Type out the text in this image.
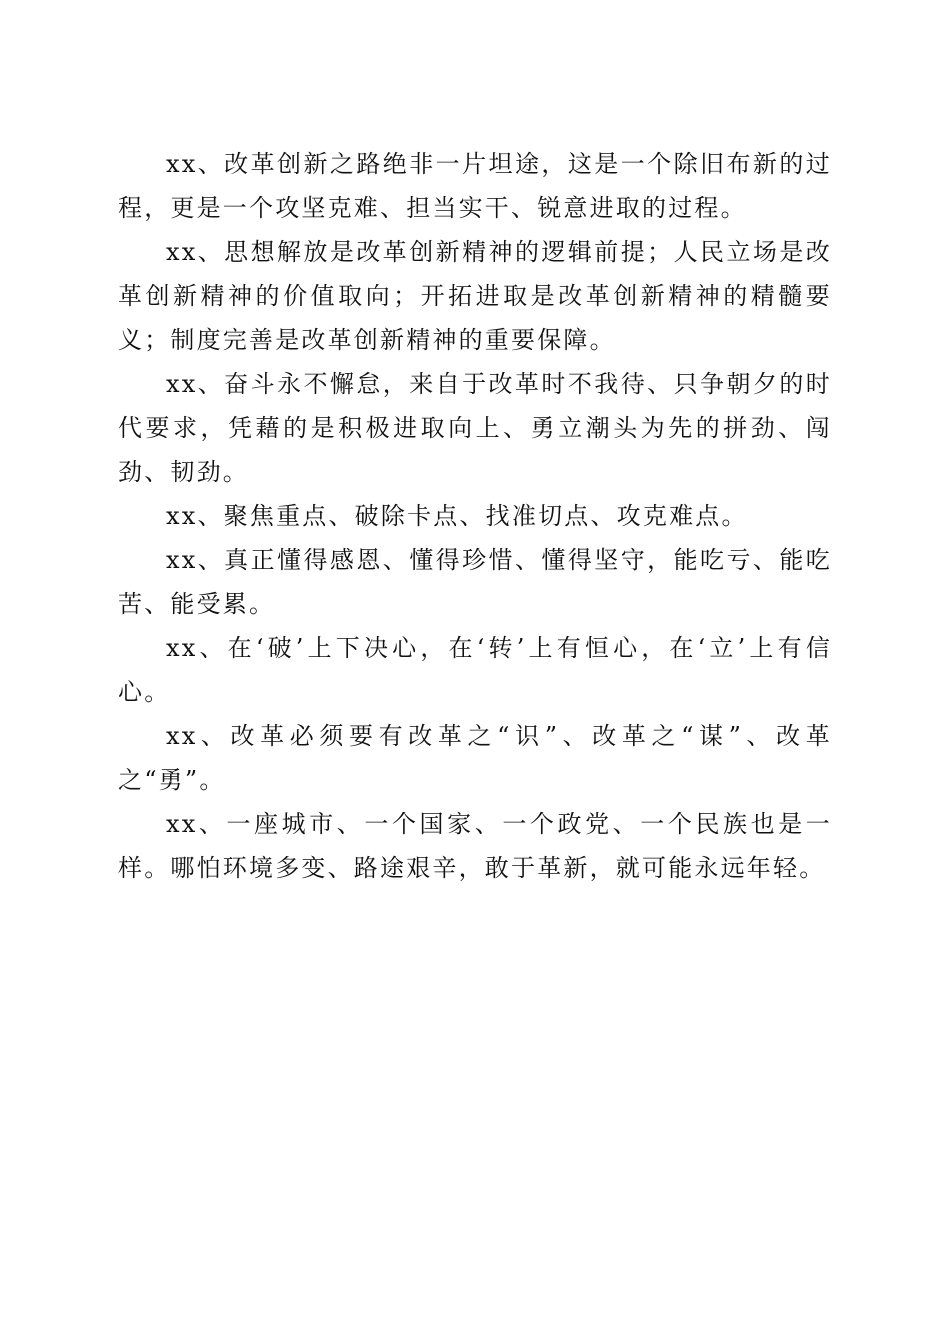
xx、改革创新之路绝非一片坦途，这是一个除旧布新的过程，更是一个攻坚克难、担当实干、锐意进取的过程。

xx、思想解放是改革创新精神的逻辑前提；人民立场是改革创新精神的价值取向；开拓进取是改革创新精神的精髓要义；制度完善是改革创新精神的重要保障。

xx、奋斗永不懈怠，来自于改革时不我待、只争朝夕的时代要求，凭藉的是积极进取向上、勇立潮头为先的拼劲、闯劲、韧劲。

xx、聚焦重点、破除卡点、找准切点、攻克难点。

xx、真正懂得感恩、懂得珍惜、懂得坚守，能吃亏、能吃苦、能受累。

xx、在‘破’上下决心，在‘转’上有恒心，在‘立’上有信心。

xx、改革必须要有改革之“识”、改革之“谋”、改革之“勇”。

xx、一座城市、一个国家、一个政党、一个民族也是一样。哪怕环境多变、路途艰辛，敢于革新，就可能永远年轻。
